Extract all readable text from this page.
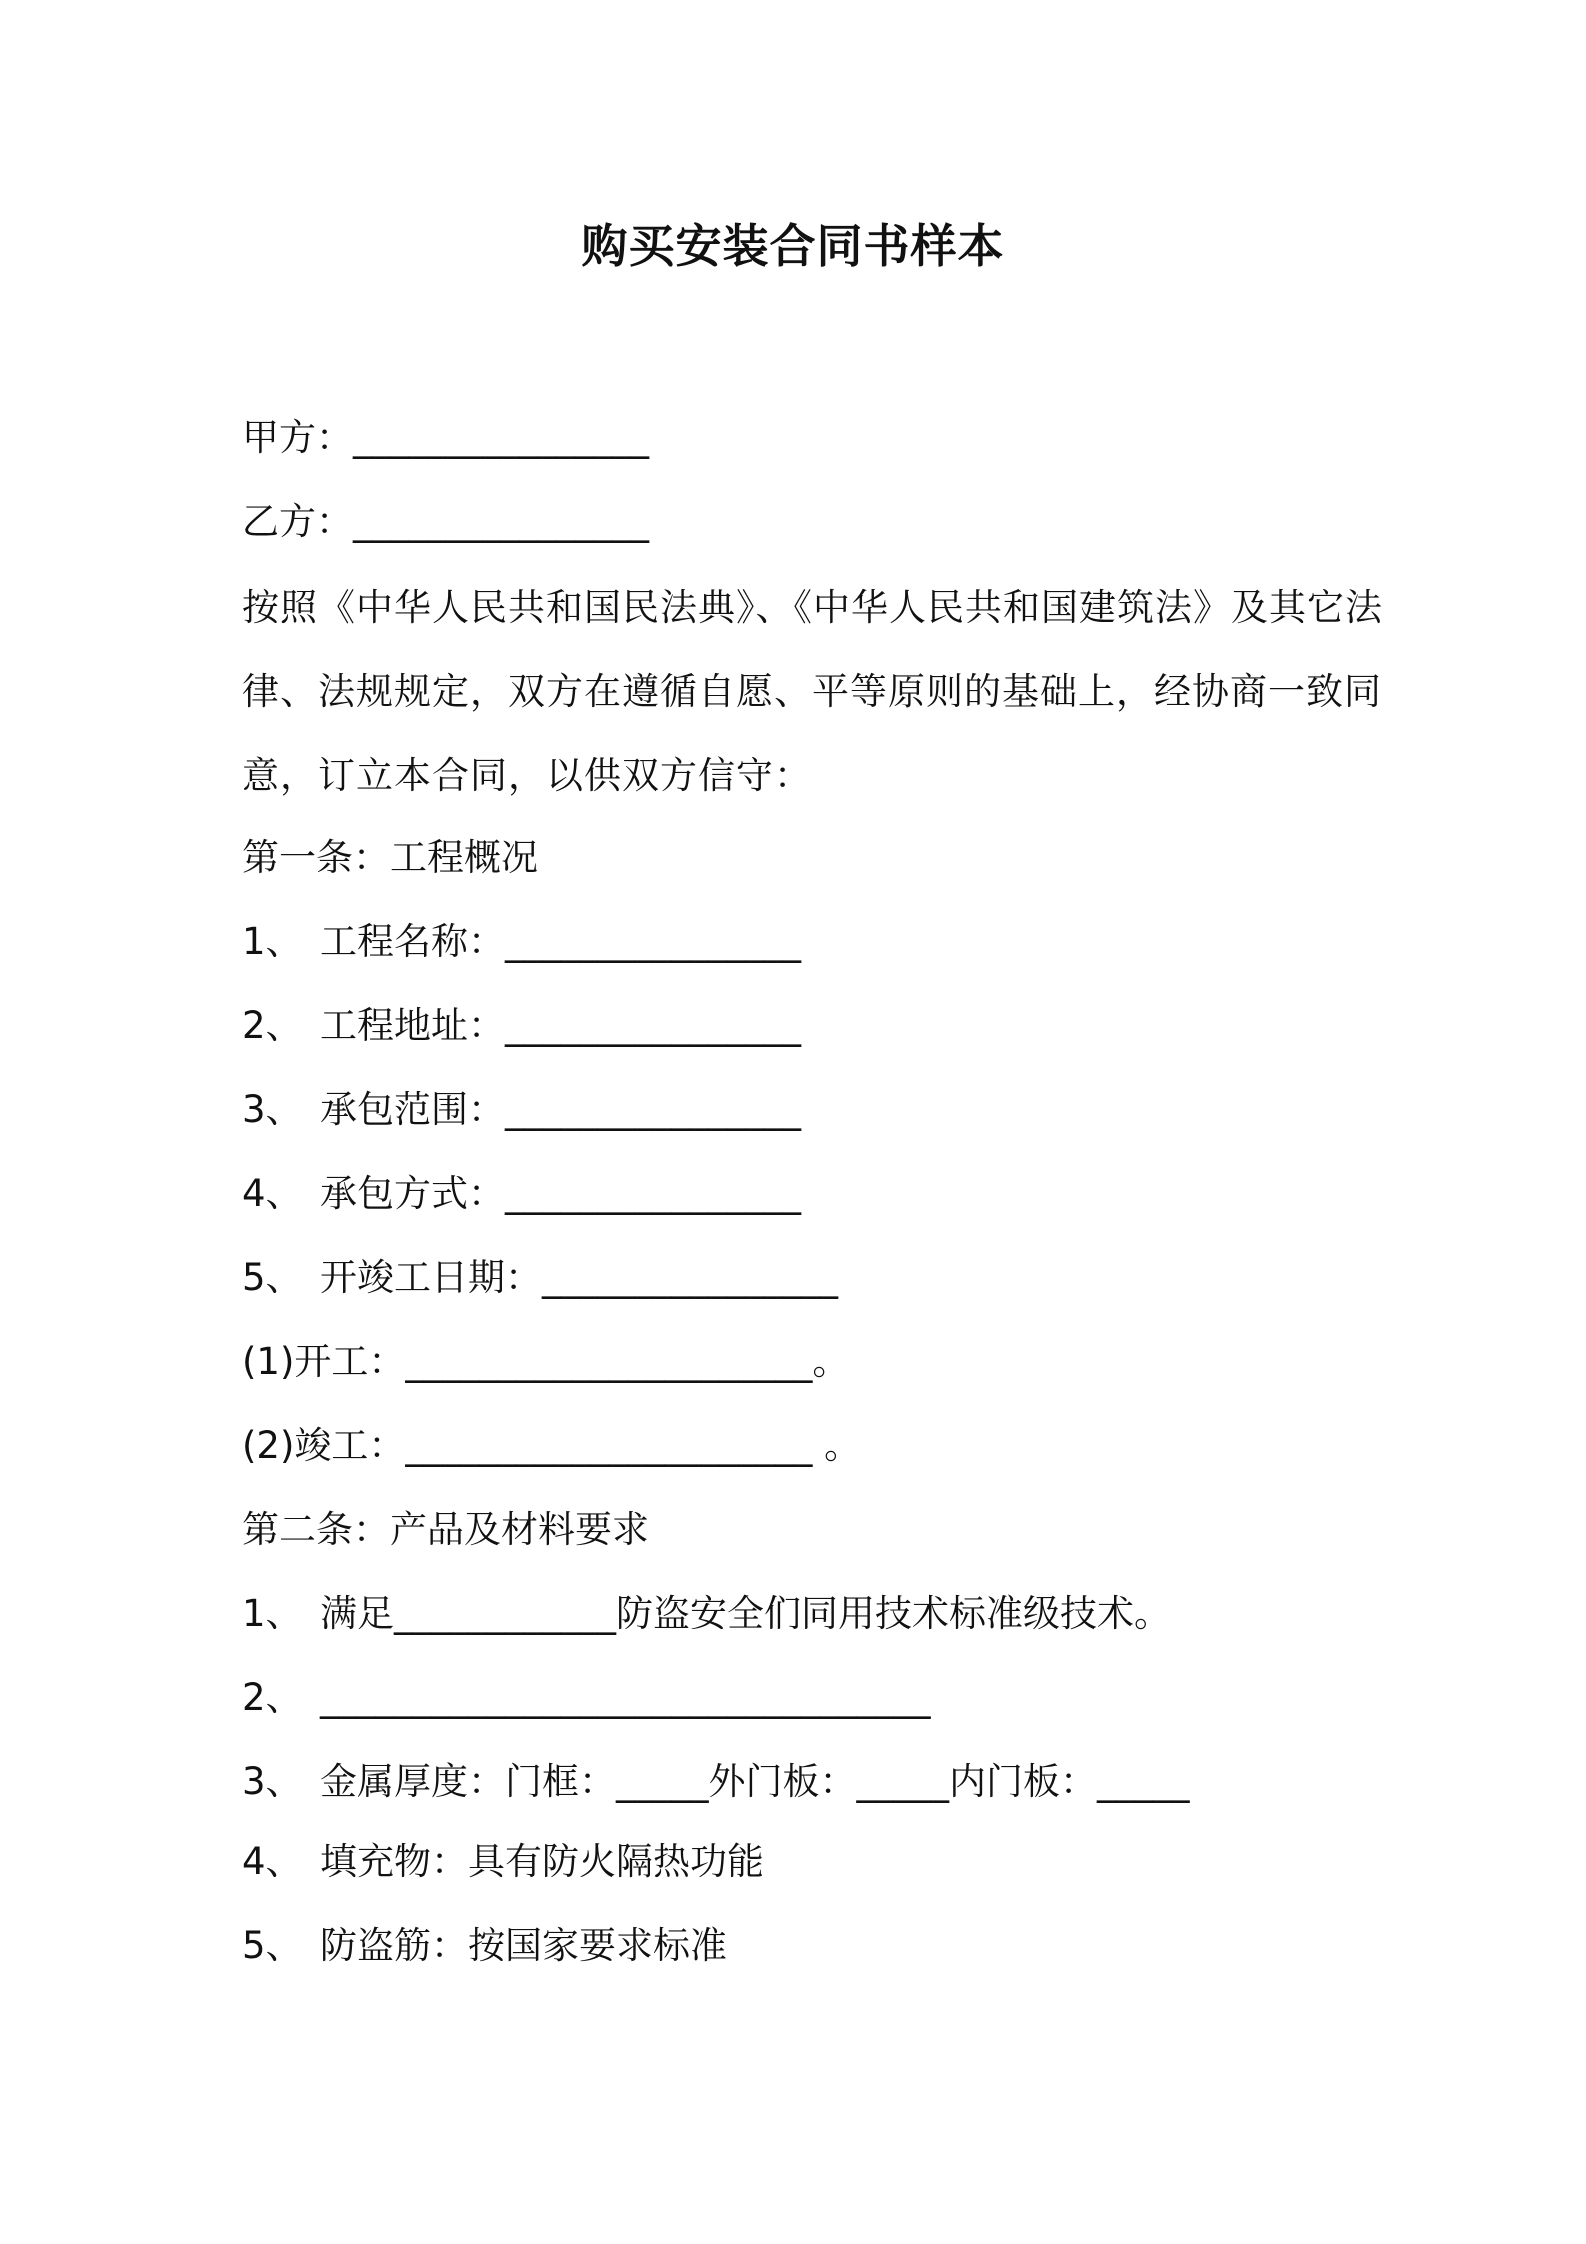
购买安装合同书样本
甲方：________________
乙方：________________
按照《中华人民共和国民法典》、《中华人民共和国建筑法》及其它法
律、法规规定，双方在遵循自愿、平等原则的基础上，经协商一致同
意，订立本合同，以供双方信守：
第一条：工程概况
1、 工程名称：________________
2、 工程地址：________________
3、 承包范围：________________
4、 承包方式：________________
5、 开竣工日期：________________
(1)开工：______________________。
(2)竣工：______________________ 。
第二条：产品及材料要求
1、 满足____________防盗安全们同用技术标准级技术。
2、 _________________________________
3、 金属厚度：门框：_____外门板：_____内门板：_____
4、 填充物：具有防火隔热功能
5、 防盗筋：按国家要求标准
